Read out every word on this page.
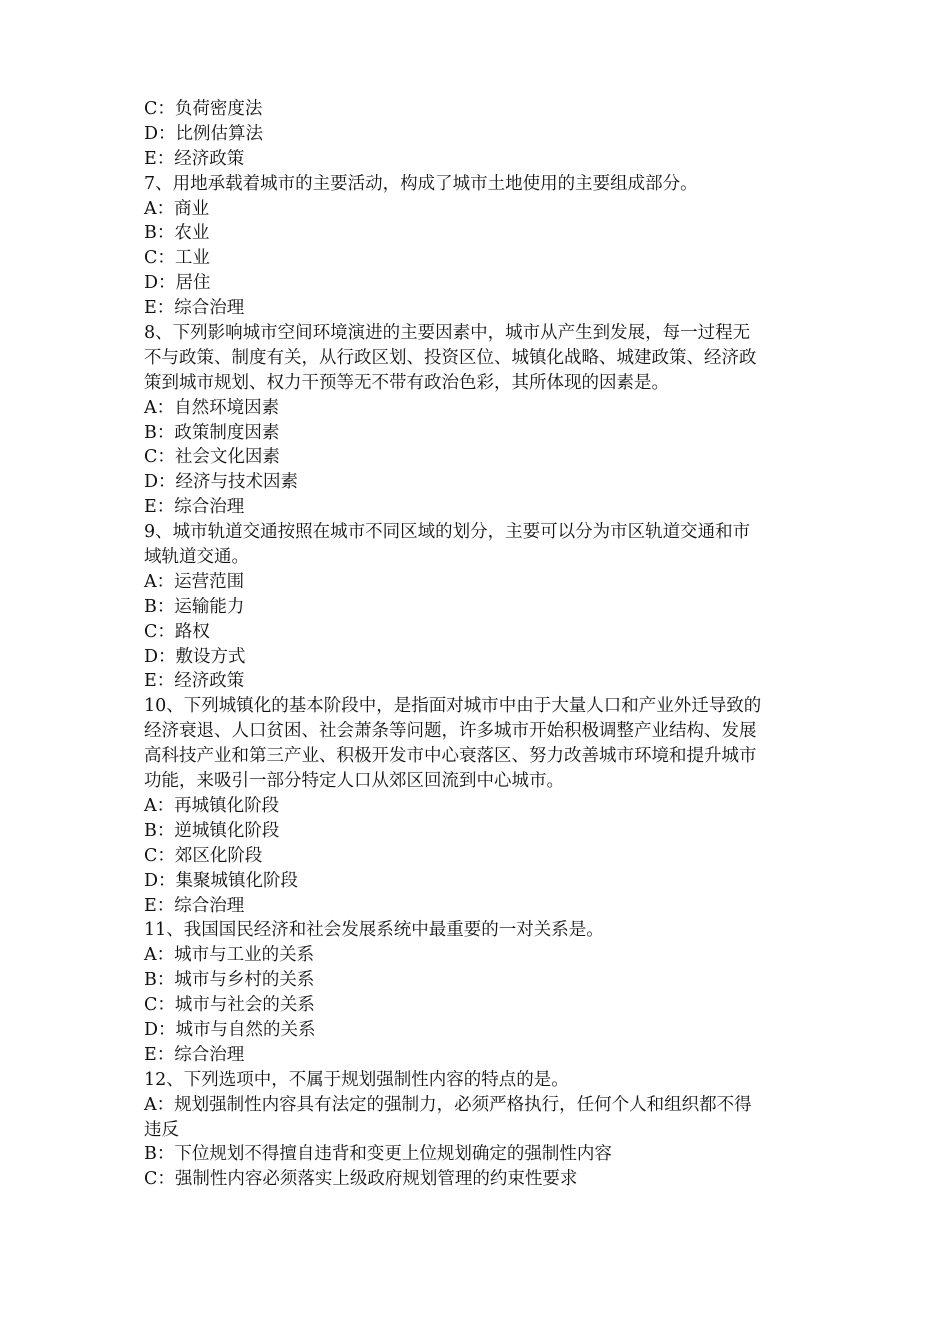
C：负荷密度法
D：比例估算法
E：经济政策
7、用地承载着城市的主要活动，构成了城市土地使用的主要组成部分。
A：商业
B：农业
C：工业
D：居住
E：综合治理
8、下列影响城市空间环境演进的主要因素中，城市从产生到发展，每一过程无
不与政策、制度有关，从行政区划、投资区位、城镇化战略、城建政策、经济政
策到城市规划、权力干预等无不带有政治色彩，其所体现的因素是。
A：自然环境因素
B：政策制度因素
C：社会文化因素
D：经济与技术因素
E：综合治理
9、城市轨道交通按照在城市不同区域的划分，主要可以分为市区轨道交通和市
域轨道交通。
A：运营范围
B：运输能力
C：路权
D：敷设方式
E：经济政策
10、下列城镇化的基本阶段中，是指面对城市中由于大量人口和产业外迁导致的
经济衰退、人口贫困、社会萧条等问题，许多城市开始积极调整产业结构、发展
高科技产业和第三产业、积极开发市中心衰落区、努力改善城市环境和提升城市
功能，来吸引一部分特定人口从郊区回流到中心城市。
A：再城镇化阶段
B：逆城镇化阶段
C：郊区化阶段
D：集聚城镇化阶段
E：综合治理
11、我国国民经济和社会发展系统中最重要的一对关系是。
A：城市与工业的关系
B：城市与乡村的关系
C：城市与社会的关系
D：城市与自然的关系
E：综合治理
12、下列选项中，不属于规划强制性内容的特点的是。
A：规划强制性内容具有法定的强制力，必须严格执行，任何个人和组织都不得
违反
B：下位规划不得擅自违背和变更上位规划确定的强制性内容
C：强制性内容必须落实上级政府规划管理的约束性要求
